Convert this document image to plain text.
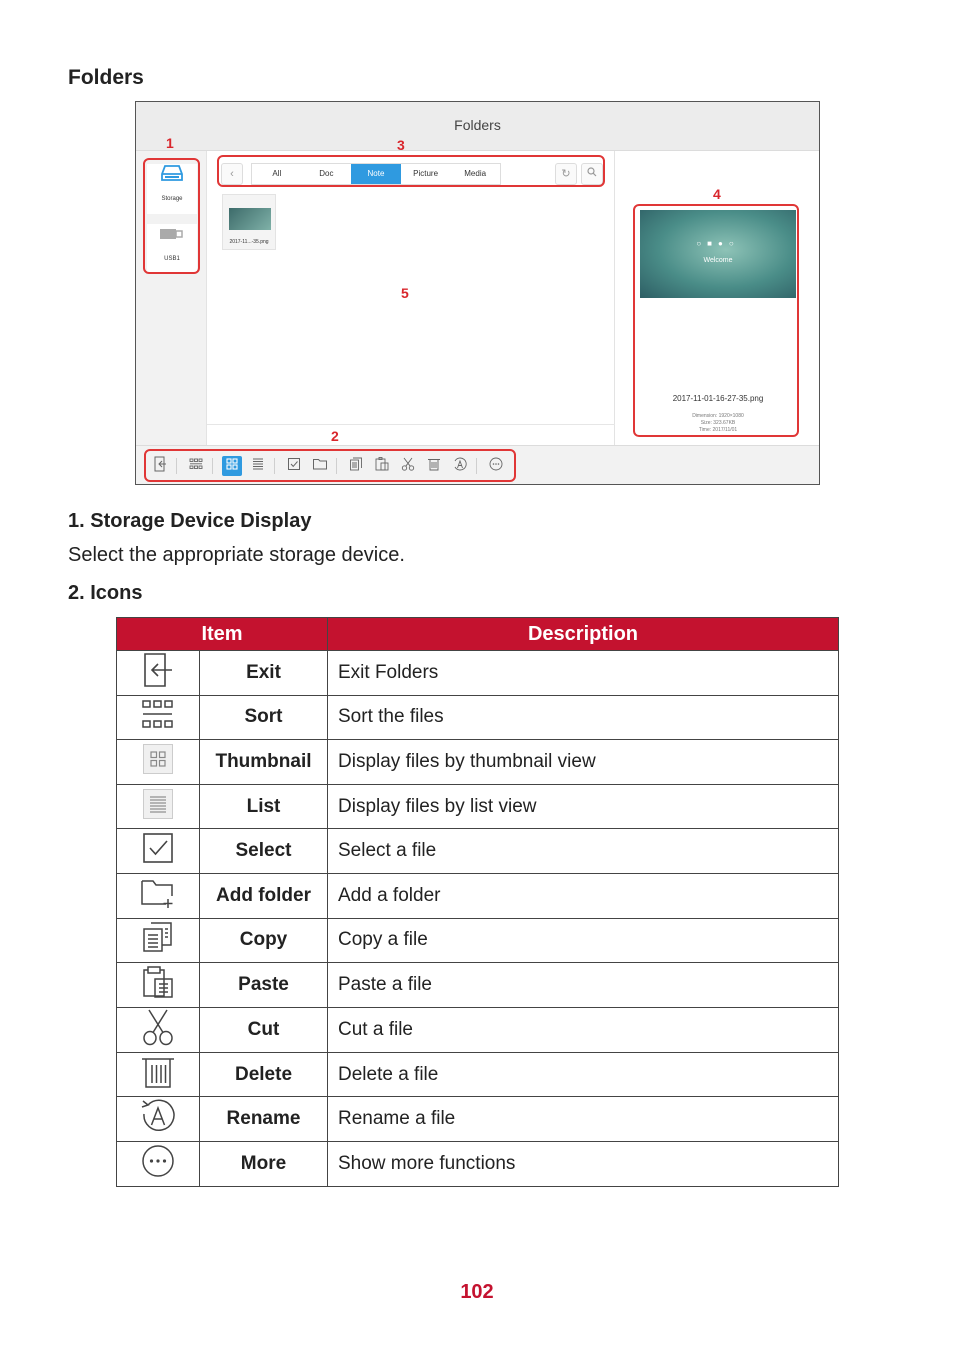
Folders
Folders
Storage
USB1
‹	All	Doc	Note	Picture	Media	↻
2017-11...-35.png	○■●○
Welcome
2017-11-01-16-27-35.png
Dimension: 1920×1080
Size: 323.67KB
Time: 2017/11/01
1
2
3
4
5
1. Storage Device Display
Select the appropriate storage device.
2. Icons
Item		Description
	Exit	Exit Folders
	Sort	Sort the files
	Thumbnail	Display files by thumbnail view
	List	Display files by list view
	Select	Select a file
	Add folder	Add a folder
	Copy	Copy a file
	Paste	Paste a file
	Cut	Cut a file
	Delete	Delete a file
	Rename	Rename a file
	More	Show more functions
102
